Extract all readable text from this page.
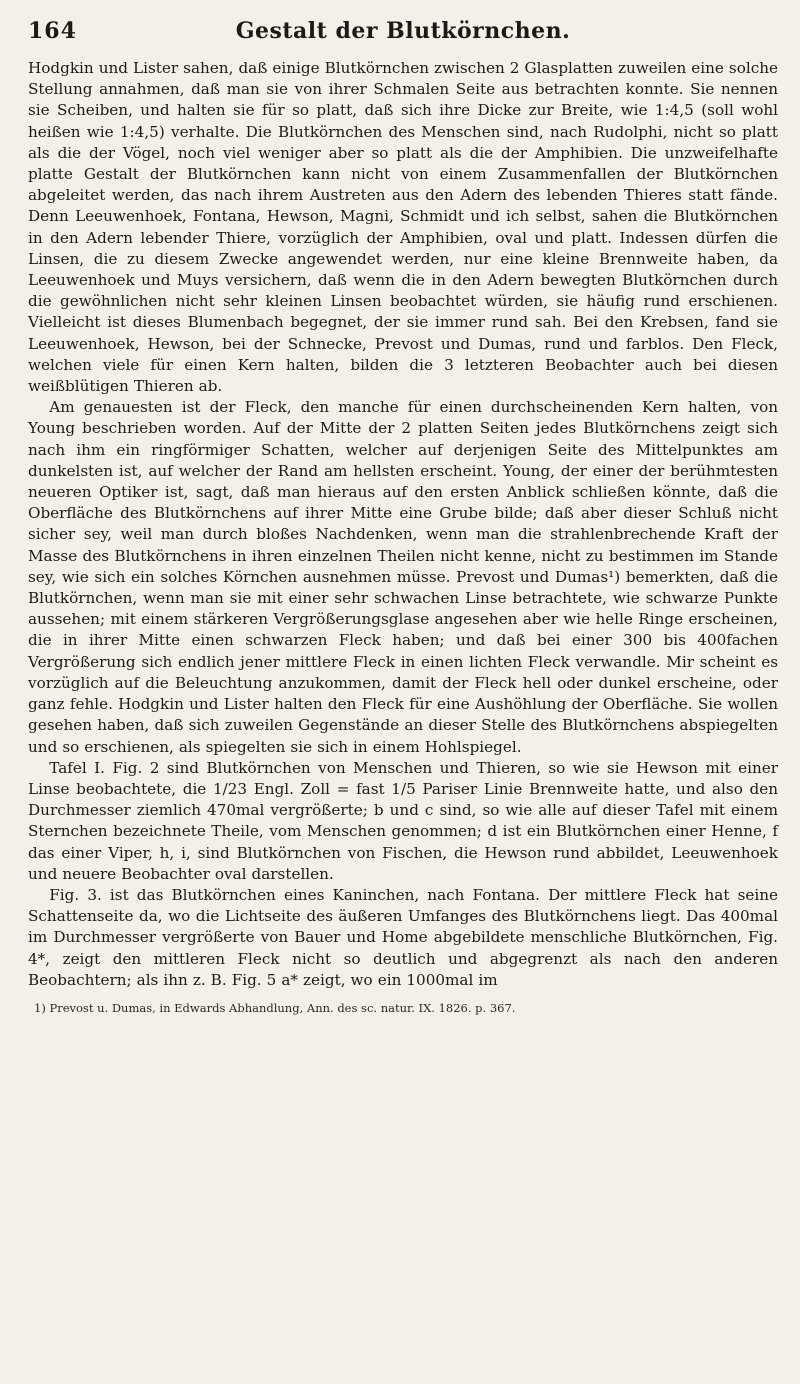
164	Gestalt der Blutkörnchen.

Hodgkin und Lister sahen, daß einige Blutkörnchen zwischen 2 Glasplatten zuweilen eine solche Stellung annahmen, daß man sie von ihrer Schmalen Seite aus betrachten konnte. Sie nennen sie Scheiben, und halten sie für so platt, daß sich ihre Dicke zur Breite, wie 1:4,5 (soll wohl heißen wie 1:4,5) verhalte. Die Blutkörnchen des Menschen sind, nach Rudolphi, nicht so platt als die der Vögel, noch viel weniger aber so platt als die der Amphibien. Die unzweifelhafte platte Gestalt der Blutkörnchen kann nicht von einem Zusammenfallen der Blutkörnchen abgeleitet werden, das nach ihrem Austreten aus den Adern des lebenden Thieres statt fände. Denn Leeuwenhoek, Fontana, Hewson, Magni, Schmidt und ich selbst, sahen die Blutkörnchen in den Adern lebender Thiere, vorzüglich der Amphibien, oval und platt. Indessen dürfen die Linsen, die zu diesem Zwecke angewendet werden, nur eine kleine Brennweite haben, da Leeuwenhoek und Muys versichern, daß wenn die in den Adern bewegten Blutkörnchen durch die gewöhnlichen nicht sehr kleinen Linsen beobachtet würden, sie häufig rund erschienen. Vielleicht ist dieses Blumenbach begegnet, der sie immer rund sah. Bei den Krebsen, fand sie Leeuwenhoek, Hewson, bei der Schnecke, Prevost und Dumas, rund und farblos. Den Fleck, welchen viele für einen Kern halten, bilden die 3 letzteren Beobachter auch bei diesen weißblütigen Thieren ab.

Am genauesten ist der Fleck, den manche für einen durchscheinenden Kern halten, von Young beschrieben worden. Auf der Mitte der 2 platten Seiten jedes Blutkörnchens zeigt sich nach ihm ein ringförmiger Schatten, welcher auf derjenigen Seite des Mittelpunktes am dunkelsten ist, auf welcher der Rand am hellsten erscheint. Young, der einer der berühmtesten neueren Optiker ist, sagt, daß man hieraus auf den ersten Anblick schließen könnte, daß die Oberfläche des Blutkörnchens auf ihrer Mitte eine Grube bilde; daß aber dieser Schluß nicht sicher sey, weil man durch bloßes Nachdenken, wenn man die strahlenbrechende Kraft der Masse des Blutkörnchens in ihren einzelnen Theilen nicht kenne, nicht zu bestimmen im Stande sey, wie sich ein solches Körnchen ausnehmen müsse. Prevost und Dumas¹) bemerkten, daß die Blutkörnchen, wenn man sie mit einer sehr schwachen Linse betrachtete, wie schwarze Punkte aussehen; mit einem stärkeren Vergrößerungsglase angesehen aber wie helle Ringe erscheinen, die in ihrer Mitte einen schwarzen Fleck haben; und daß bei einer 300 bis 400fachen Vergrößerung sich endlich jener mittlere Fleck in einen lichten Fleck verwandle. Mir scheint es vorzüglich auf die Beleuchtung anzukommen, damit der Fleck hell oder dunkel erscheine, oder ganz fehle. Hodgkin und Lister halten den Fleck für eine Aushöhlung der Oberfläche. Sie wollen gesehen haben, daß sich zuweilen Gegenstände an dieser Stelle des Blutkörnchens abspiegelten und so erschienen, als spiegelten sie sich in einem Hohlspiegel.

Tafel I. Fig. 2 sind Blutkörnchen von Menschen und Thieren, so wie sie Hewson mit einer Linse beobachtete, die 1/23 Engl. Zoll = fast 1/5 Pariser Linie Brennweite hatte, und also den Durchmesser ziemlich 470mal vergrößerte; b und c sind, so wie alle auf dieser Tafel mit einem Sternchen bezeichnete Theile, vom Menschen genommen; d ist ein Blutkörnchen einer Henne, f das einer Viper, h, i, sind Blutkörnchen von Fischen, die Hewson rund abbildet, Leeuwenhoek und neuere Beobachter oval darstellen.

Fig. 3. ist das Blutkörnchen eines Kaninchen, nach Fontana. Der mittlere Fleck hat seine Schattenseite da, wo die Lichtseite des äußeren Umfanges des Blutkörnchens liegt. Das 400mal im Durchmesser vergrößerte von Bauer und Home abgebildete menschliche Blutkörnchen, Fig. 4*, zeigt den mittleren Fleck nicht so deutlich und abgegrenzt als nach den anderen Beobachtern; als ihn z. B. Fig. 5 a* zeigt, wo ein 1000mal im

1) Prevost u. Dumas, in Edwards Abhandlung, Ann. des sc. natur. IX. 1826. p. 367.
